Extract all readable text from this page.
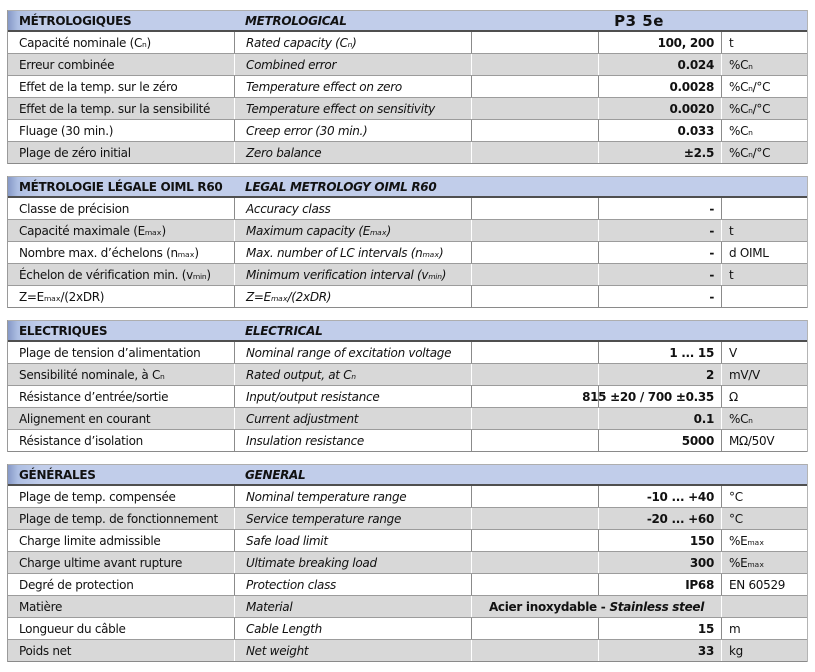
MÉTROLOGIQUES	METROLOGICAL	P3 5e
Capacité nominale (Cₙ)	Rated capacity (Cₙ)	100, 200	t
Erreur combinée	Combined error	0.024	%Cₙ
Effet de la temp. sur le zéro	Temperature effect on zero	0.0028	%Cₙ/°C
Effet de la temp. sur la sensibilité	Temperature effect on sensitivity	0.0020	%Cₙ/°C
Fluage (30 min.)	Creep error (30 min.)	0.033	%Cₙ
Plage de zéro initial	Zero balance	±2.5	%Cₙ/°C
MÉTROLOGIE LÉGALE OIML R60	LEGAL METROLOGY OIML R60
Classe de précision	Accuracy class	-
Capacité maximale (Eₘₐₓ)	Maximum capacity (Eₘₐₓ)	-	t
Nombre max. d’échelons (nₘₐₓ)	Max. number of LC intervals (nₘₐₓ)	-	d OIML
Échelon de vérification min. (vₘᵢₙ)	Minimum verification interval (vₘᵢₙ)	-	t
Z=Eₘₐₓ/(2xDR)	Z=Eₘₐₓ/(2xDR)	-
ELECTRIQUES	ELECTRICAL
Plage de tension d’alimentation	Nominal range of excitation voltage	1 ... 15	V
Sensibilité nominale, à Cₙ	Rated output, at Cₙ	2	mV/V
Résistance d’entrée/sortie	Input/output resistance	815 ±20 / 700 ±0.35	Ω
Alignement en courant	Current adjustment	0.1	%Cₙ
Résistance d’isolation	Insulation resistance	5000	MΩ/50V
GÉNÉRALES	GENERAL
Plage de temp. compensée	Nominal temperature range	-10 ... +40	°C
Plage de temp. de fonctionnement	Service temperature range	-20 ... +60	°C
Charge limite admissible	Safe load limit	150	%Eₘₐₓ
Charge ultime avant rupture	Ultimate breaking load	300	%Eₘₐₓ
Degré de protection	Protection class	IP68	EN 60529
Matière	Material	Acier inoxydable - Stainless steel
Longueur du câble	Cable Length	15	m
Poids net	Net weight	33	kg
